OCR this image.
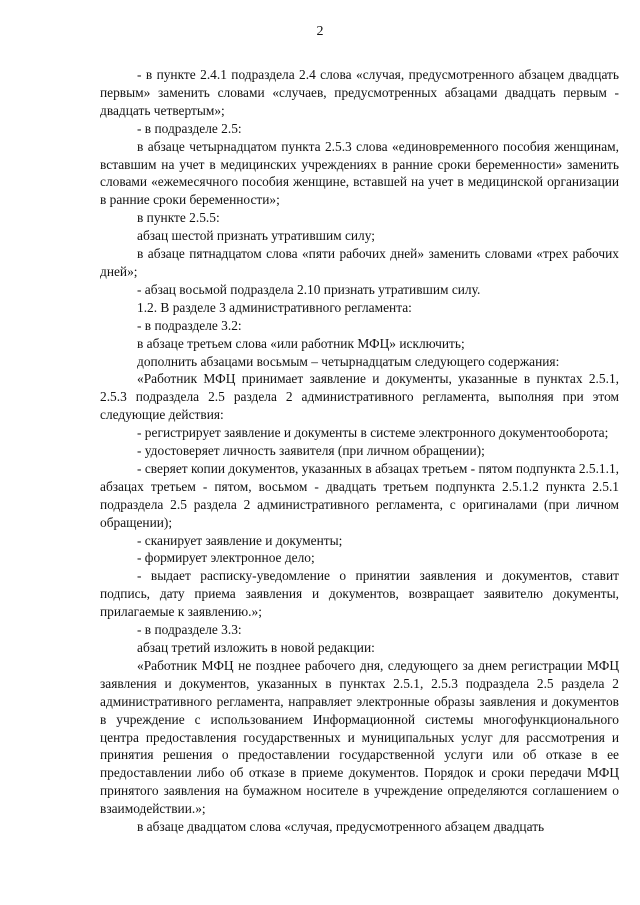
2

- в пункте 2.4.1 подраздела 2.4 слова «случая, предусмотренного абзацем двадцать первым» заменить словами «случаев, предусмотренных абзацами двадцать первым - двадцать четвертым»;

- в подразделе 2.5:

в абзаце четырнадцатом пункта 2.5.3 слова «единовременного пособия женщинам, вставшим на учет в медицинских учреждениях в ранние сроки беременности» заменить словами «ежемесячного пособия женщине, вставшей на учет в медицинской организации в ранние сроки беременности»;

в пункте 2.5.5:

абзац шестой признать утратившим силу;

в абзаце пятнадцатом слова «пяти рабочих дней» заменить словами «трех рабочих дней»;

- абзац восьмой подраздела 2.10 признать утратившим силу.

1.2. В разделе 3 административного регламента:

- в подразделе 3.2:

в абзаце третьем слова «или работник МФЦ» исключить;

дополнить абзацами восьмым – четырнадцатым следующего содержания:

«Работник МФЦ принимает заявление и документы, указанные в пунктах 2.5.1, 2.5.3 подраздела 2.5 раздела 2 административного регламента, выполняя при этом следующие действия:

- регистрирует заявление и документы в системе электронного документооборота;

- удостоверяет личность заявителя (при личном обращении);

- сверяет копии документов, указанных в абзацах третьем - пятом подпункта 2.5.1.1, абзацах третьем - пятом, восьмом - двадцать третьем подпункта 2.5.1.2 пункта 2.5.1 подраздела 2.5 раздела 2 административного регламента, с оригиналами (при личном обращении);

- сканирует заявление и документы;

- формирует электронное дело;

- выдает расписку-уведомление о принятии заявления и документов, ставит подпись, дату приема заявления и документов, возвращает заявителю документы, прилагаемые к заявлению.»;

- в подразделе 3.3:

абзац третий изложить в новой редакции:

«Работник МФЦ не позднее рабочего дня, следующего за днем регистрации МФЦ заявления и документов, указанных в пунктах 2.5.1, 2.5.3 подраздела 2.5 раздела 2 административного регламента, направляет электронные образы заявления и документов в учреждение с использованием Информационной системы многофункционального центра предоставления государственных и муниципальных услуг для рассмотрения и принятия решения о предоставлении государственной услуги или об отказе в ее предоставлении либо об отказе в приеме документов. Порядок и сроки передачи МФЦ принятого заявления на бумажном носителе в учреждение определяются соглашением о взаимодействии.»;

в абзаце двадцатом слова «случая, предусмотренного абзацем двадцать
